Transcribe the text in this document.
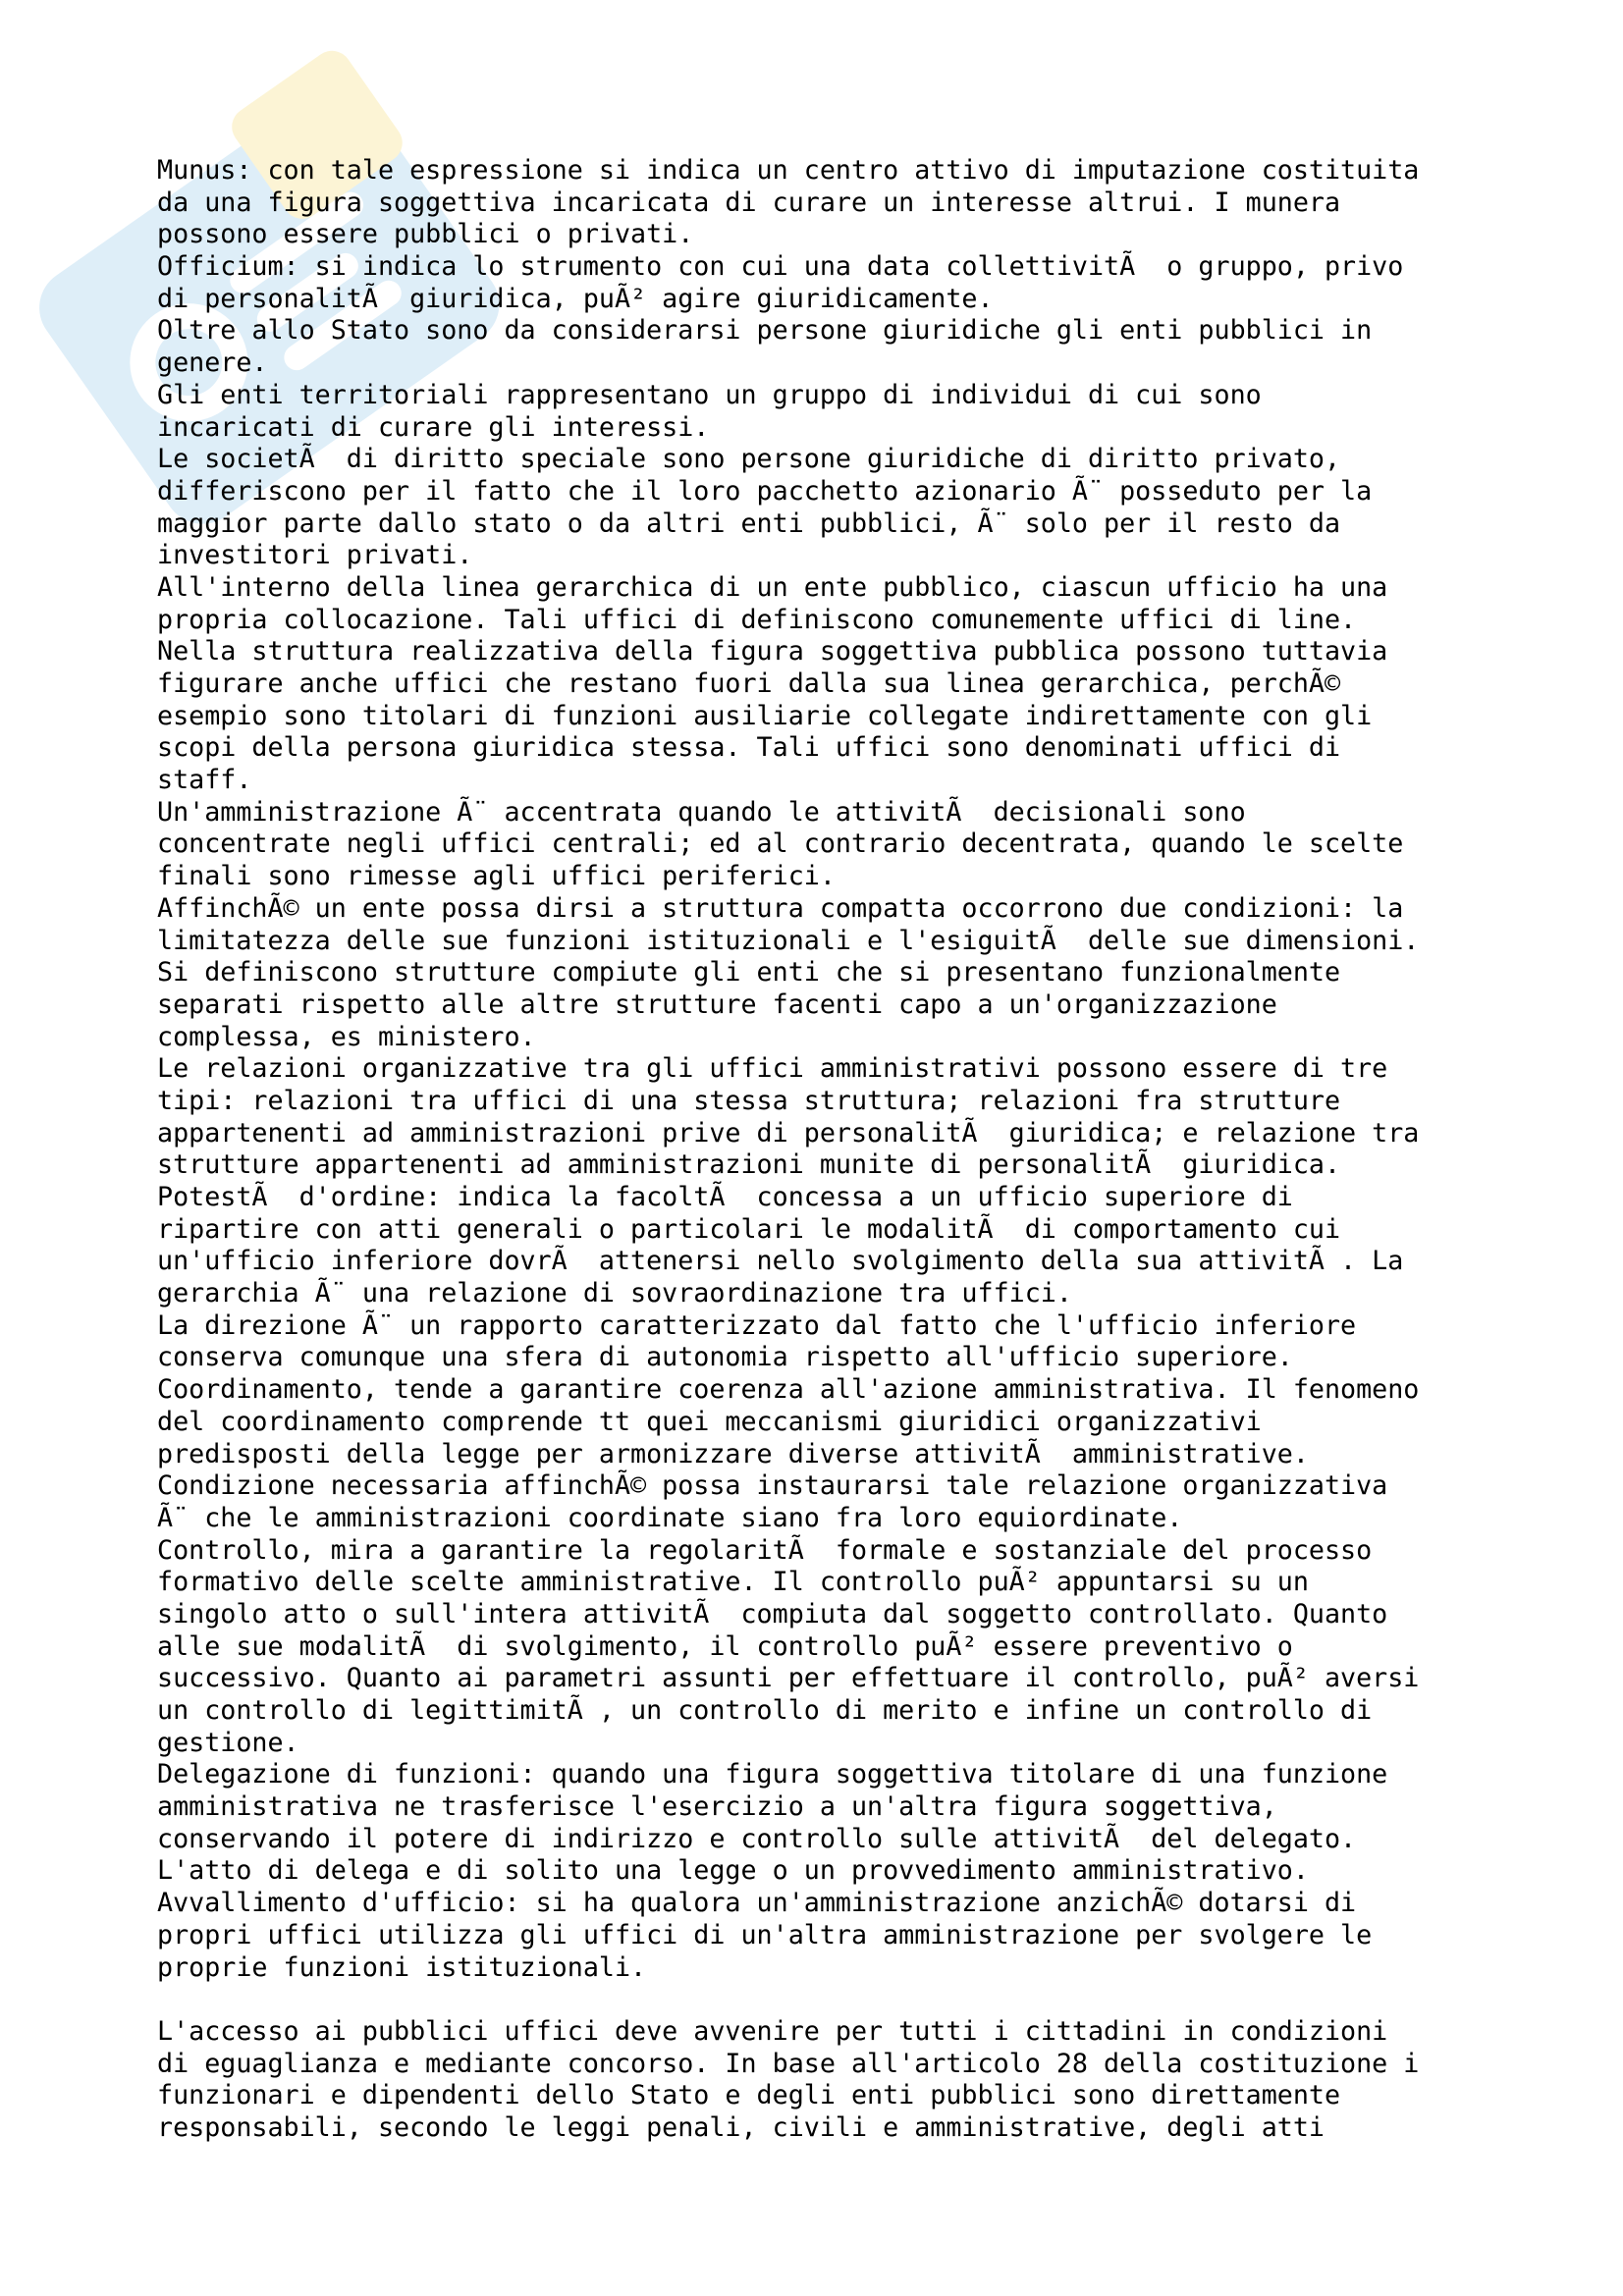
Munus: con tale espressione si indica un centro attivo di imputazione costituita
da una figura soggettiva incaricata di curare un interesse altrui. I munera
possono essere pubblici o privati.
Officium: si indica lo strumento con cui una data collettivitÃ  o gruppo, privo
di personalitÃ  giuridica, puÃ² agire giuridicamente.
Oltre allo Stato sono da considerarsi persone giuridiche gli enti pubblici in
genere.
Gli enti territoriali rappresentano un gruppo di individui di cui sono
incaricati di curare gli interessi.
Le societÃ  di diritto speciale sono persone giuridiche di diritto privato,
differiscono per il fatto che il loro pacchetto azionario Ã¨ posseduto per la
maggior parte dallo stato o da altri enti pubblici, Ã¨ solo per il resto da
investitori privati.
All'interno della linea gerarchica di un ente pubblico, ciascun ufficio ha una
propria collocazione. Tali uffici di definiscono comunemente uffici di line.
Nella struttura realizzativa della figura soggettiva pubblica possono tuttavia
figurare anche uffici che restano fuori dalla sua linea gerarchica, perchÃ©
esempio sono titolari di funzioni ausiliarie collegate indirettamente con gli
scopi della persona giuridica stessa. Tali uffici sono denominati uffici di
staff.
Un'amministrazione Ã¨ accentrata quando le attivitÃ  decisionali sono
concentrate negli uffici centrali; ed al contrario decentrata, quando le scelte
finali sono rimesse agli uffici periferici.
AffinchÃ© un ente possa dirsi a struttura compatta occorrono due condizioni: la
limitatezza delle sue funzioni istituzionali e l'esiguitÃ  delle sue dimensioni.
Si definiscono strutture compiute gli enti che si presentano funzionalmente
separati rispetto alle altre strutture facenti capo a un'organizzazione
complessa, es ministero.
Le relazioni organizzative tra gli uffici amministrativi possono essere di tre
tipi: relazioni tra uffici di una stessa struttura; relazioni fra strutture
appartenenti ad amministrazioni prive di personalitÃ  giuridica; e relazione tra
strutture appartenenti ad amministrazioni munite di personalitÃ  giuridica.
PotestÃ  d'ordine: indica la facoltÃ  concessa a un ufficio superiore di
ripartire con atti generali o particolari le modalitÃ  di comportamento cui
un'ufficio inferiore dovrÃ  attenersi nello svolgimento della sua attivitÃ . La
gerarchia Ã¨ una relazione di sovraordinazione tra uffici.
La direzione Ã¨ un rapporto caratterizzato dal fatto che l'ufficio inferiore
conserva comunque una sfera di autonomia rispetto all'ufficio superiore.
Coordinamento, tende a garantire coerenza all'azione amministrativa. Il fenomeno
del coordinamento comprende tt quei meccanismi giuridici organizzativi
predisposti della legge per armonizzare diverse attivitÃ  amministrative.
Condizione necessaria affinchÃ© possa instaurarsi tale relazione organizzativa
Ã¨ che le amministrazioni coordinate siano fra loro equiordinate.
Controllo, mira a garantire la regolaritÃ  formale e sostanziale del processo
formativo delle scelte amministrative. Il controllo puÃ² appuntarsi su un
singolo atto o sull'intera attivitÃ  compiuta dal soggetto controllato. Quanto
alle sue modalitÃ  di svolgimento, il controllo puÃ² essere preventivo o
successivo. Quanto ai parametri assunti per effettuare il controllo, puÃ² aversi
un controllo di legittimitÃ , un controllo di merito e infine un controllo di
gestione.
Delegazione di funzioni: quando una figura soggettiva titolare di una funzione
amministrativa ne trasferisce l'esercizio a un'altra figura soggettiva,
conservando il potere di indirizzo e controllo sulle attivitÃ  del delegato.
L'atto di delega e di solito una legge o un provvedimento amministrativo.
Avvallimento d'ufficio: si ha qualora un'amministrazione anzichÃ© dotarsi di
propri uffici utilizza gli uffici di un'altra amministrazione per svolgere le
proprie funzioni istituzionali.
L'accesso ai pubblici uffici deve avvenire per tutti i cittadini in condizioni
di eguaglianza e mediante concorso. In base all'articolo 28 della costituzione i
funzionari e dipendenti dello Stato e degli enti pubblici sono direttamente
responsabili, secondo le leggi penali, civili e amministrative, degli atti
